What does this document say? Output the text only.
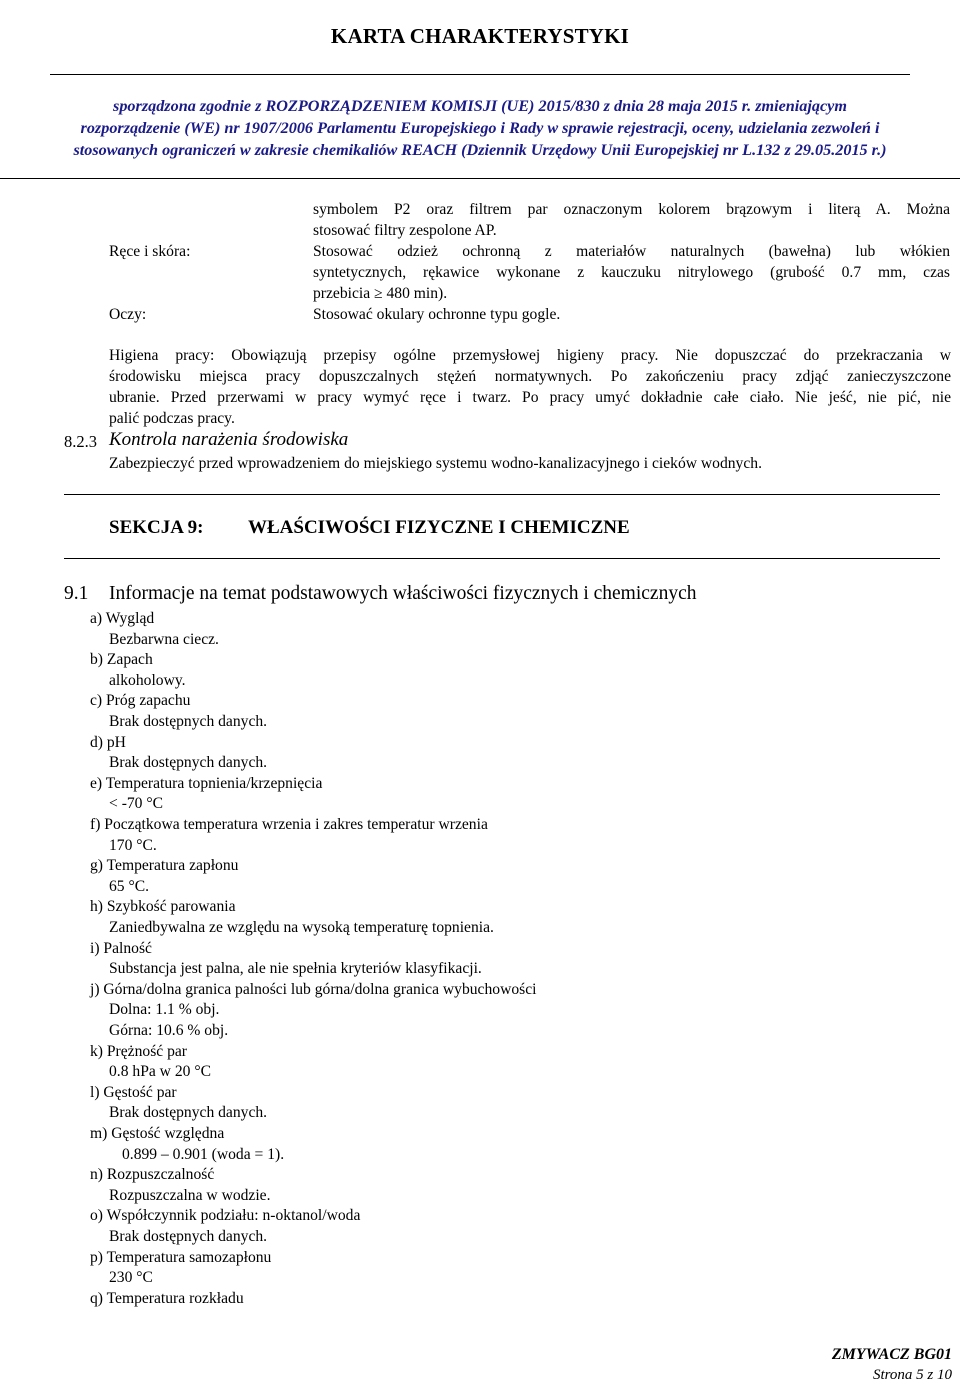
KARTA CHARAKTERYSTYKI
sporządzona zgodnie z ROZPORZĄDZENIEM KOMISJI (UE) 2015/830 z dnia 28 maja 2015 r. zmieniającym
rozporządzenie (WE) nr 1907/2006 Parlamentu Europejskiego i Rady w sprawie rejestracji, oceny, udzielania zezwoleń i
stosowanych ograniczeń w zakresie chemikaliów REACH (Dziennik Urzędowy Unii Europejskiej nr L.132 z 29.05.2015 r.)
symbolem P2 oraz filtrem par oznaczonym kolorem brązowym i literą A. Można
stosować filtry zespolone AP.
Ręce i skóra:	Stosować odzież ochronną z materiałów naturalnych (bawełna) lub włókien
syntetycznych, rękawice wykonane z kauczuku nitrylowego (grubość 0.7 mm, czas
przebicia ≥ 480 min).
Oczy:	Stosować okulary ochronne typu gogle.
Higiena pracy: Obowiązują przepisy ogólne przemysłowej higieny pracy. Nie dopuszczać do przekraczania w
środowisku miejsca pracy dopuszczalnych stężeń normatywnych. Po zakończeniu pracy zdjąć zanieczyszczone
ubranie. Przed przerwami w pracy wymyć ręce i twarz. Po pracy umyć dokładnie całe ciało. Nie jeść, nie pić, nie
palić podczas pracy.
8.2.3 Kontrola narażenia środowiska
Zabezpieczyć przed wprowadzeniem do miejskiego systemu wodno-kanalizacyjnego i cieków wodnych.
SEKCJA 9: WŁAŚCIWOŚCI FIZYCZNE I CHEMICZNE
9.1 Informacje na temat podstawowych właściwości fizycznych i chemicznych
a) Wygląd
Bezbarwna ciecz.
b) Zapach
alkoholowy.
c) Próg zapachu
Brak dostępnych danych.
d) pH
Brak dostępnych danych.
e) Temperatura topnienia/krzepnięcia
< -70 °C
f) Początkowa temperatura wrzenia i zakres temperatur wrzenia
170 °C.
g) Temperatura zapłonu
65 °C.
h) Szybkość parowania
Zaniedbywalna ze względu na wysoką temperaturę topnienia.
i) Palność
Substancja jest palna, ale nie spełnia kryteriów klasyfikacji.
j) Górna/dolna granica palności lub górna/dolna granica wybuchowości
Dolna: 1.1 % obj.
Górna: 10.6 % obj.
k) Prężność par
0.8 hPa w 20 °C
l) Gęstość par
Brak dostępnych danych.
m) Gęstość względna
0.899 – 0.901 (woda = 1).
n) Rozpuszczalność
Rozpuszczalna w wodzie.
o) Współczynnik podziału: n-oktanol/woda
Brak dostępnych danych.
p) Temperatura samozapłonu
230 °C
q) Temperatura rozkładu
ZMYWACZ BG01
Strona 5 z 10
